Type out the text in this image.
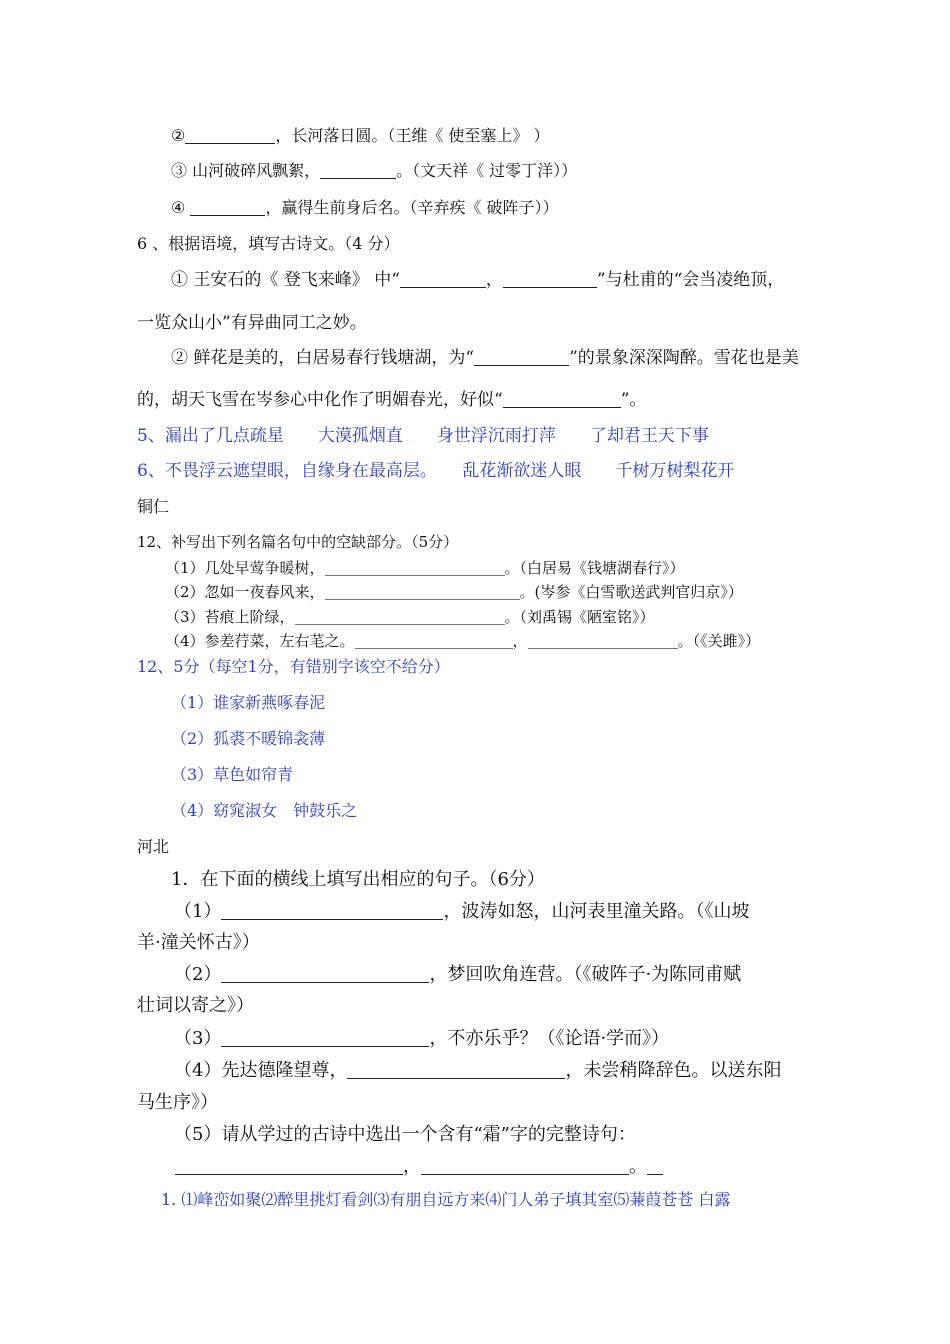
②	，长河落日圆。（王维《 使至塞上》 ）
③ 山河破碎风飘絮，	。（文天祥《 过零丁洋））
④	，赢得生前身后名。（辛弃疾《 破阵子））
6 、根据语境，填写古诗文。（4 分）
① 王安石的《 登飞来峰》 中“	，	”与杜甫的“会当凌绝顶，
一览众山小”有异曲同工之妙。
② 鲜花是美的，白居易春行钱塘湖，为“	”的景象深深陶醉。雪花也是美
的，胡天飞雪在岑参心中化作了明媚春光，好似“	”。
5、漏出了几点疏星　　大漠孤烟直　　身世浮沉雨打萍　　了却君王天下事
6、不畏浮云遮望眼，自缘身在最高层。　　乱花渐欲迷人眼　　千树万树梨花开
铜仁
12、补写出下列名篇名句中的空缺部分。（5分）
（1）几处早莺争暖树，	。（白居易《钱塘湖春行》）
（2）忽如一夜春风来，	。(岑参《白雪歌送武判官归京》）
（3）苔痕上阶绿，	。（刘禹锡《陋室铭》）
（4）参差荇菜，左右芼之。	，	。（《关雎》）
12、5分（每空1分，有错别字该空不给分）
（1）谁家新燕啄春泥
（2）狐裘不暖锦衾薄
（3）草色如帘青
（4）窈窕淑女　钟鼓乐之
河北
1．在下面的横线上填写出相应的句子。（6分）
（1）	，波涛如怒，山河表里潼关路。（《山坡
羊·潼关怀古》）
（2）	，梦回吹角连营。（《破阵子·为陈同甫赋
壮词以寄之》）
（3）	，不亦乐乎？（《论语·学而》）
（4）先达德隆望尊，	，未尝稍降辞色。以送东阳
马生序》）
（5）请从学过的古诗中选出一个含有“霜”字的完整诗句：
，	。
1. ⑴峰峦如聚⑵醉里挑灯看剑⑶有朋自远方来⑷门人弟子填其室⑸蒹葭苍苍 白露
